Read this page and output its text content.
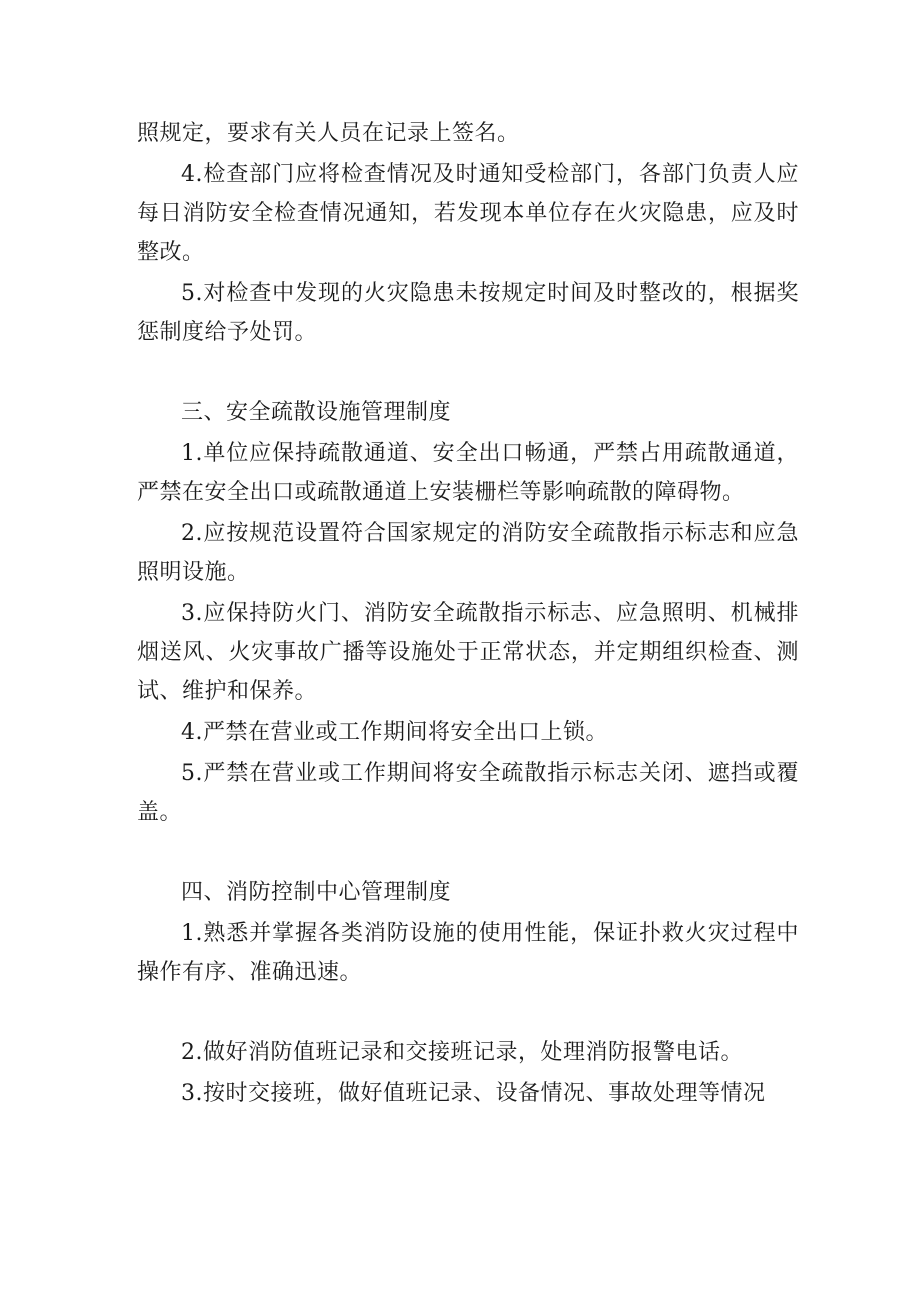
照规定，要求有关人员在记录上签名。

4.检查部门应将检查情况及时通知受检部门，各部门负责人应每日消防安全检查情况通知，若发现本单位存在火灾隐患，应及时整改。

5.对检查中发现的火灾隐患未按规定时间及时整改的，根据奖惩制度给予处罚。

三、安全疏散设施管理制度

1.单位应保持疏散通道、安全出口畅通，严禁占用疏散通道，严禁在安全出口或疏散通道上安装栅栏等影响疏散的障碍物。

2.应按规范设置符合国家规定的消防安全疏散指示标志和应急照明设施。

3.应保持防火门、消防安全疏散指示标志、应急照明、机械排烟送风、火灾事故广播等设施处于正常状态，并定期组织检查、测试、维护和保养。

4.严禁在营业或工作期间将安全出口上锁。

5.严禁在营业或工作期间将安全疏散指示标志关闭、遮挡或覆盖。

四、消防控制中心管理制度

1.熟悉并掌握各类消防设施的使用性能，保证扑救火灾过程中操作有序、准确迅速。

2.做好消防值班记录和交接班记录，处理消防报警电话。

3.按时交接班，做好值班记录、设备情况、事故处理等情况
